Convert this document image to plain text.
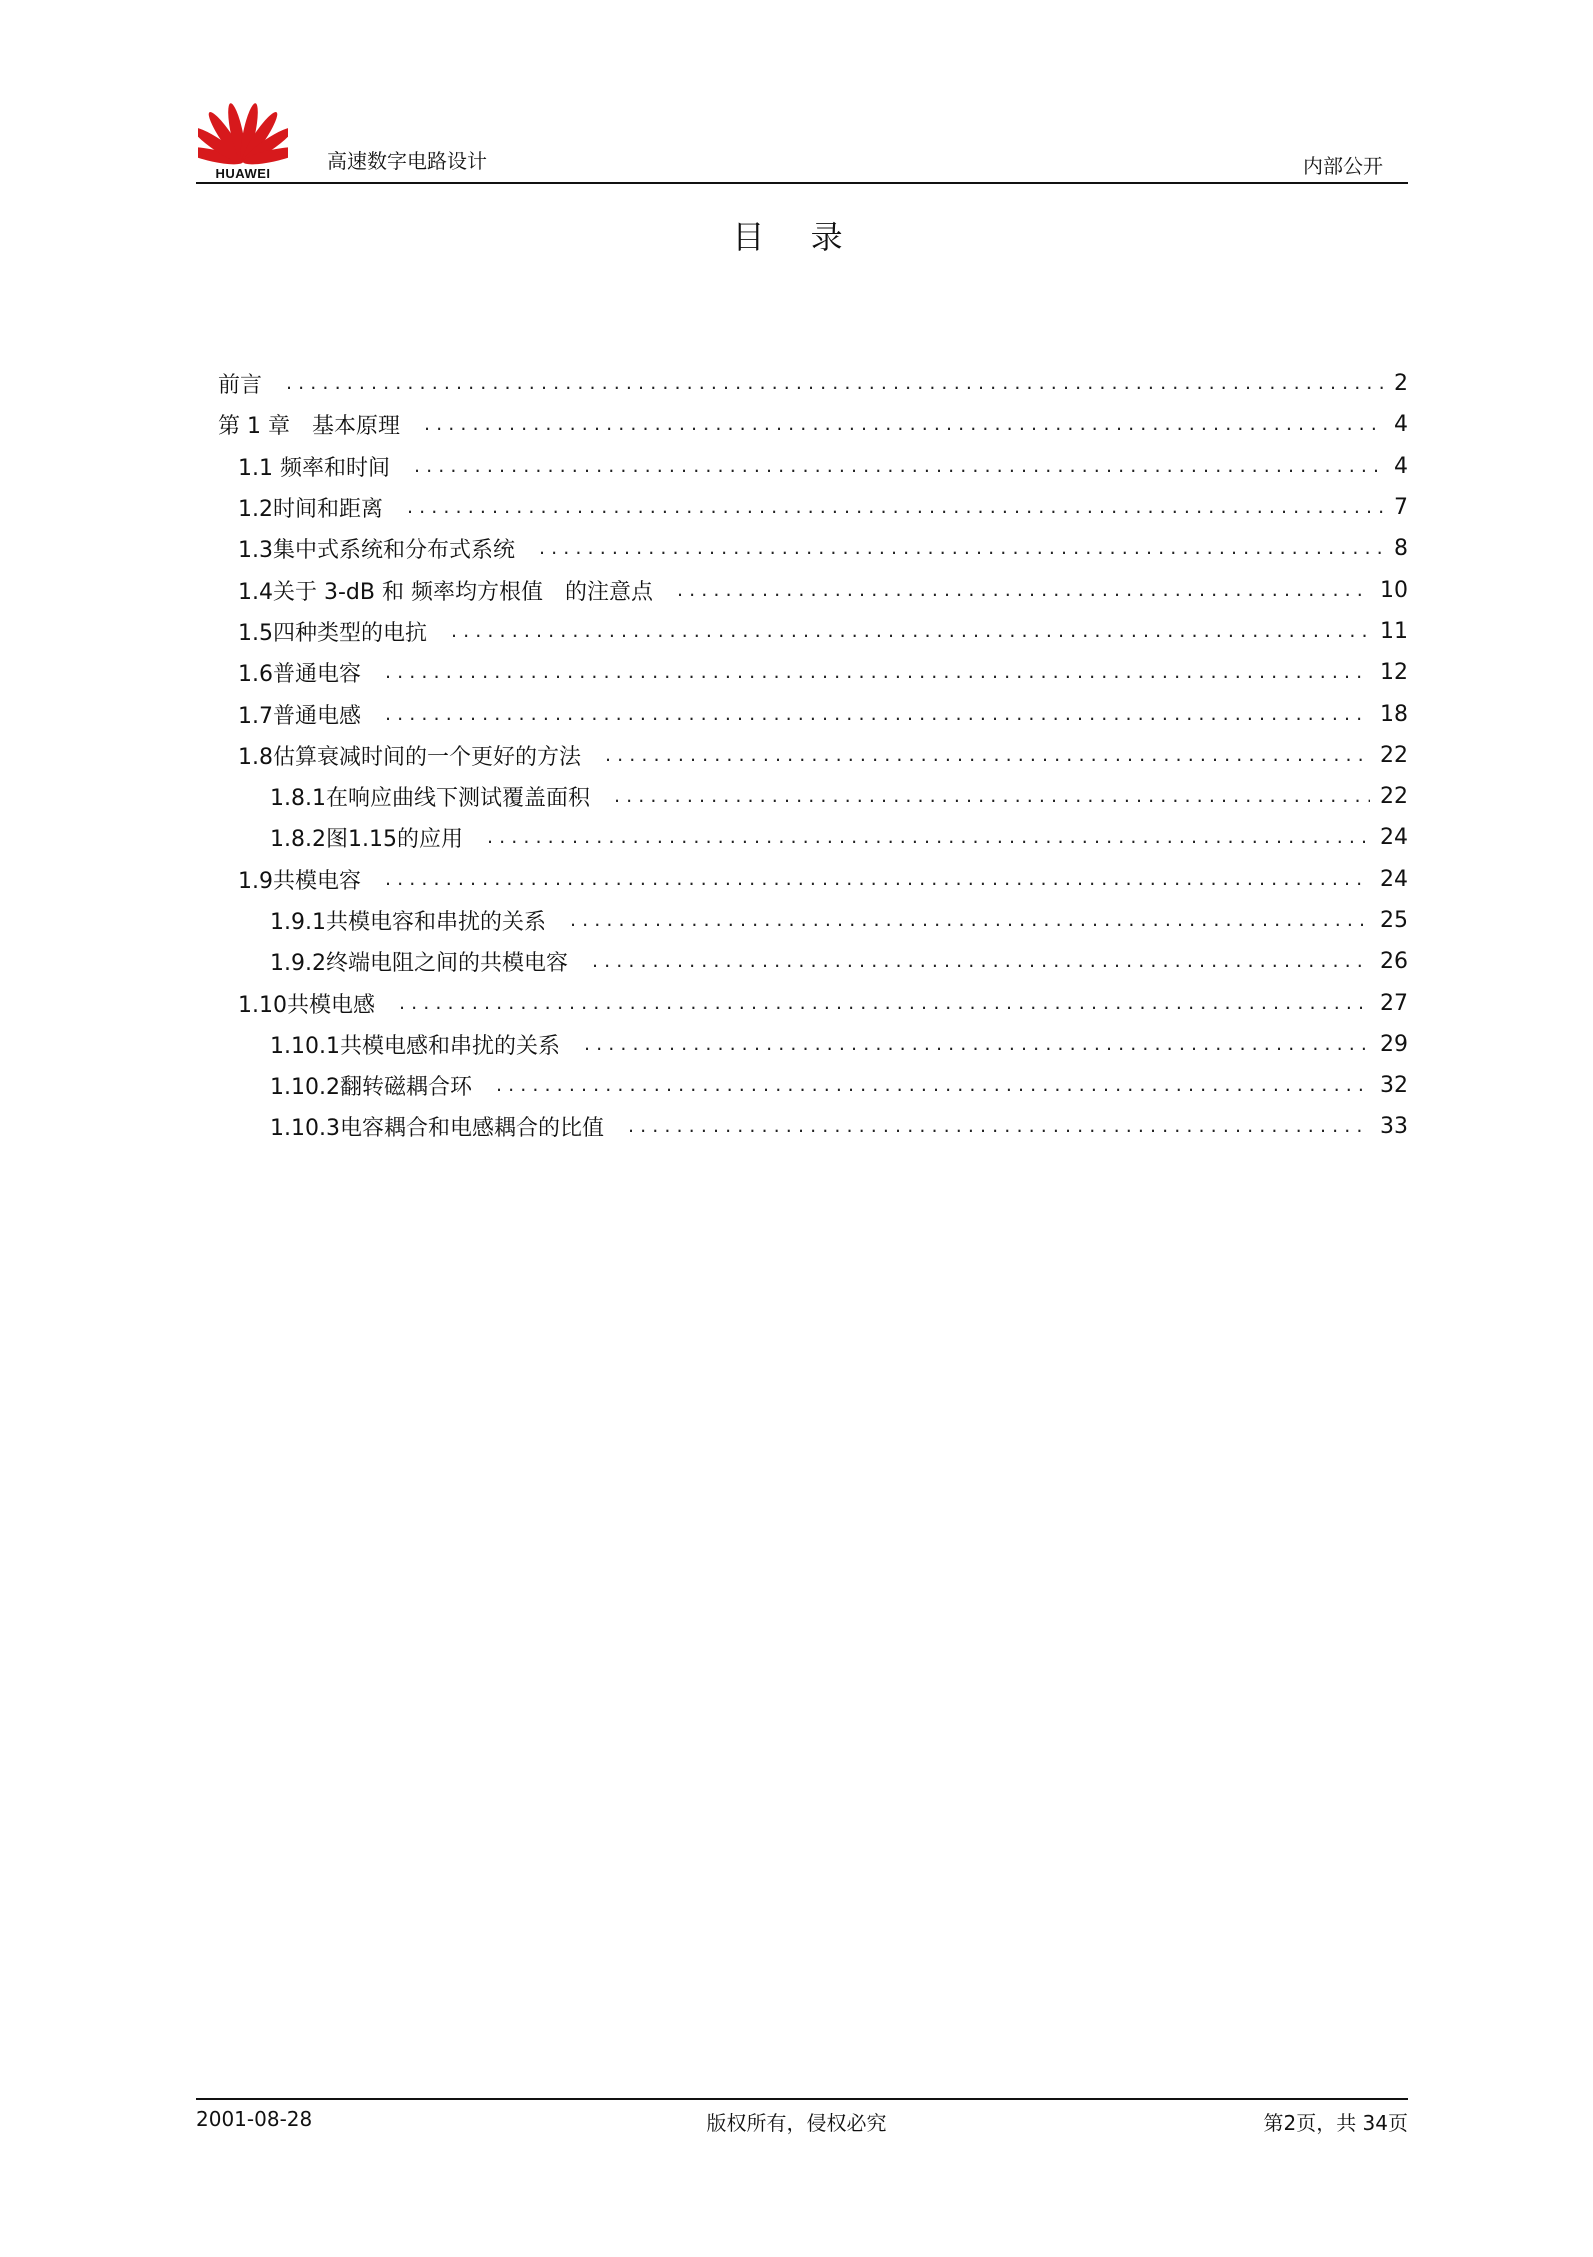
HUAWEI
高速数字电路设计	内部公开
目 录
前言 .....	2
第 1 章　基本原理 .....	4
1.1 频率和时间 .....	4
1.2时间和距离 .....	7
1.3集中式系统和分布式系统 .....	8
1.4关于 3-dB 和 频率均方根值　的注意点 .....	10
1.5四种类型的电抗 .....	11
1.6普通电容 .....	12
1.7普通电感 .....	18
1.8估算衰减时间的一个更好的方法 .....	22
1.8.1在响应曲线下测试覆盖面积 .....	22
1.8.2图1.15的应用 .....	24
1.9共模电容 .....	24
1.9.1共模电容和串扰的关系 .....	25
1.9.2终端电阻之间的共模电容 .....	26
1.10共模电感 .....	27
1.10.1共模电感和串扰的关系 .....	29
1.10.2翻转磁耦合环 .....	32
1.10.3电容耦合和电感耦合的比值 .....	33
2001-08-28	版权所有，侵权必究	第2页，共 34页
